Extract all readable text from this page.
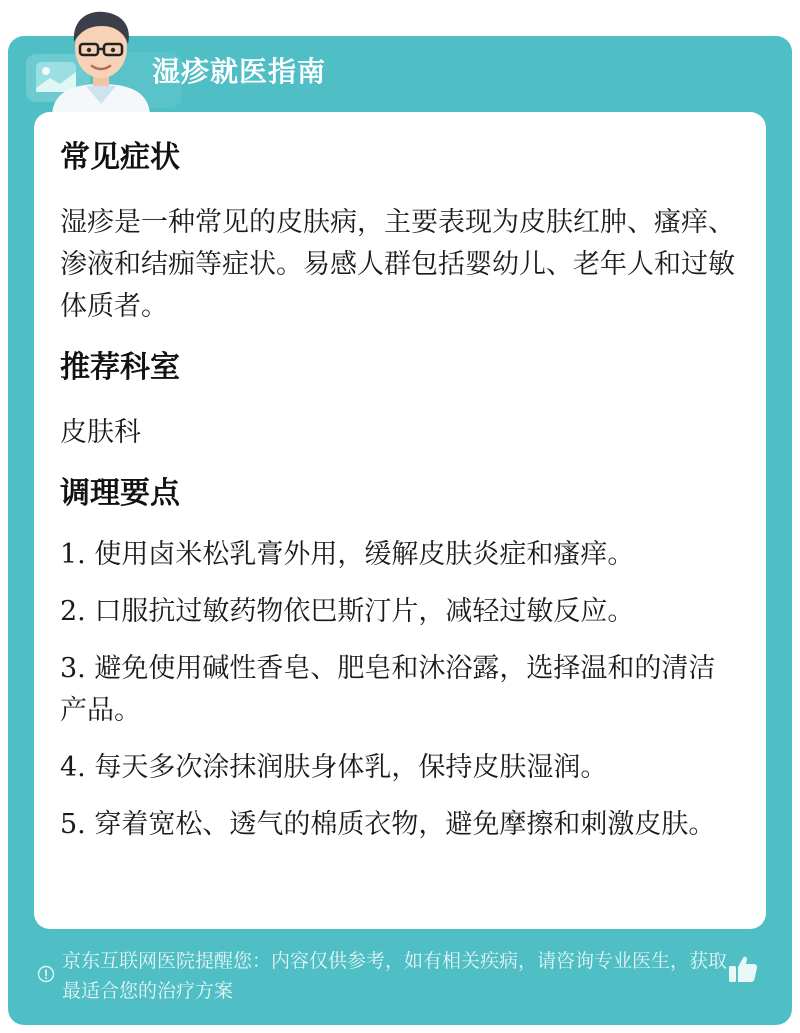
湿疹就医指南
常见症状

湿疹是一种常见的皮肤病，主要表现为皮肤红肿、瘙痒、渗液和结痂等症状。易感人群包括婴幼儿、老年人和过敏体质者。

推荐科室

皮肤科

调理要点
1. 使用卤米松乳膏外用，缓解皮肤炎症和瘙痒。
2. 口服抗过敏药物依巴斯汀片，减轻过敏反应。
3. 避免使用碱性香皂、肥皂和沐浴露，选择温和的清洁产品。
4. 每天多次涂抹润肤身体乳，保持皮肤湿润。
5. 穿着宽松、透气的棉质衣物，避免摩擦和刺激皮肤。
京东互联网医院提醒您：内容仅供参考，如有相关疾病，请咨询专业医生，获取最适合您的治疗方案
